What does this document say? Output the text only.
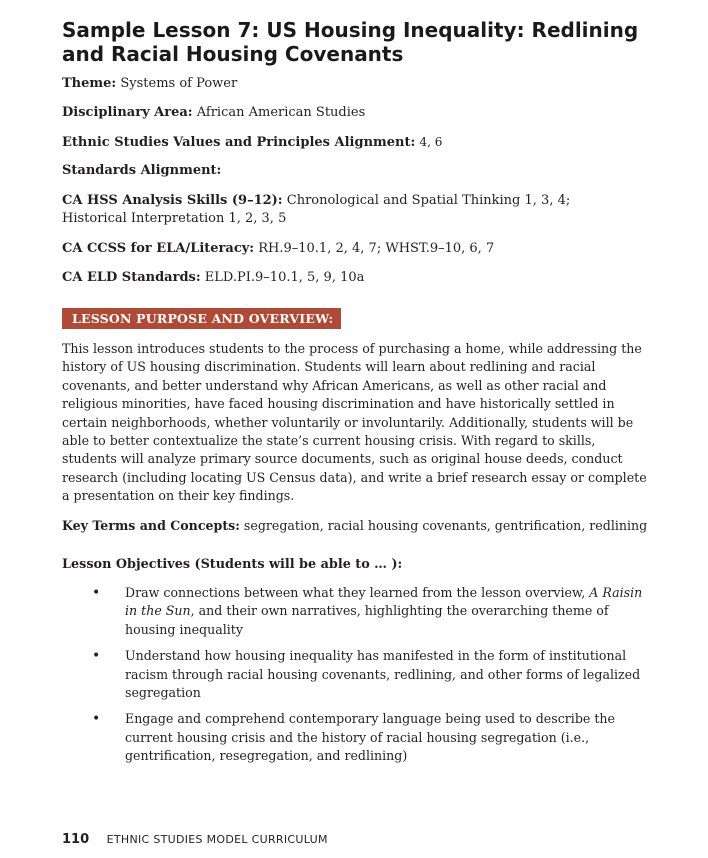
Sample Lesson 7: US Housing Inequality: Redlining and Racial Housing Covenants
Theme: Systems of Power
Disciplinary Area: African American Studies
Ethnic Studies Values and Principles Alignment: 4, 6
Standards Alignment:
CA HSS Analysis Skills (9–12): Chronological and Spatial Thinking 1, 3, 4; Historical Interpretation 1, 2, 3, 5
CA CCSS for ELA/Literacy: RH.9–10.1, 2, 4, 7; WHST.9–10, 6, 7
CA ELD Standards: ELD.PI.9–10.1, 5, 9, 10a
LESSON PURPOSE AND OVERVIEW:

This lesson introduces students to the process of purchasing a home, while addressing the history of US housing discrimination. Students will learn about redlining and racial covenants, and better understand why African Americans, as well as other racial and religious minorities, have faced housing discrimination and have historically settled in certain neighborhoods, whether voluntarily or involuntarily. Additionally, students will be able to better contextualize the state’s current housing crisis. With regard to skills, students will analyze primary source documents, such as original house deeds, conduct research (including locating US Census data), and write a brief research essay or complete a presentation on their key findings.

Key Terms and Concepts: segregation, racial housing covenants, gentrification, redlining
Lesson Objectives (Students will be able to … ):
• Draw connections between what they learned from the lesson overview, A Raisin in the Sun, and their own narratives, highlighting the overarching theme of housing inequality
• Understand how housing inequality has manifested in the form of institutional racism through racial housing covenants, redlining, and other forms of legalized segregation
• Engage and comprehend contemporary language being used to describe the current housing crisis and the history of racial housing segregation (i.e., gentrification, resegregation, and redlining)
110 ETHNIC STUDIES MODEL CURRICULUM
